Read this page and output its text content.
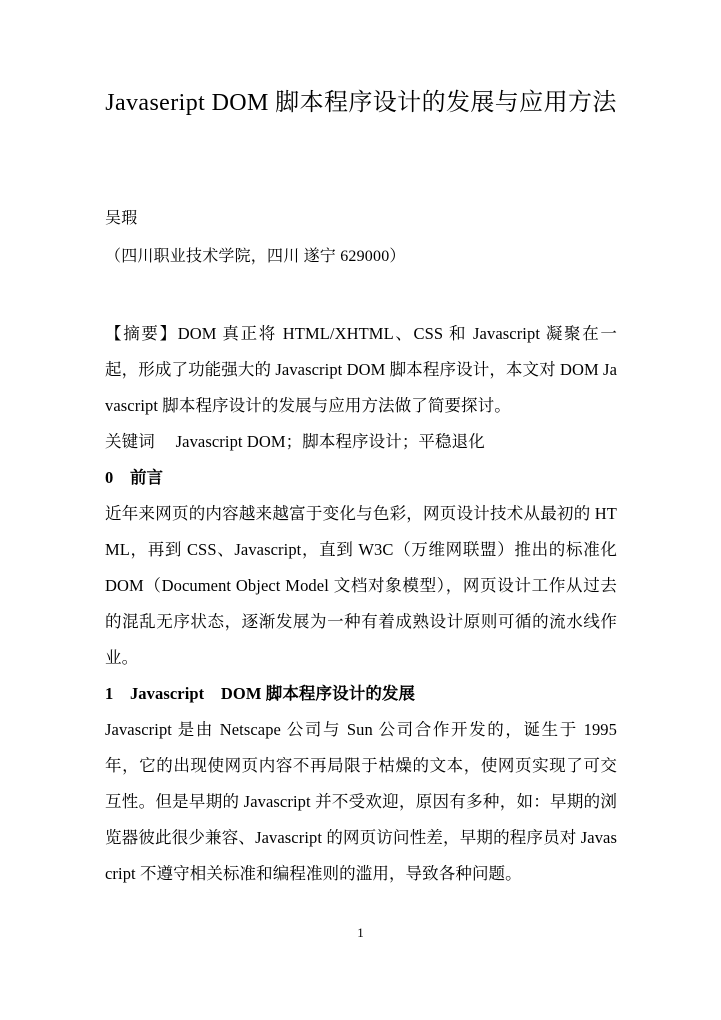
Javaseript DOM 脚本程序设计的发展与应用方法
吴瑕
（四川职业技术学院，四川 遂宁 629000）

【摘要】DOM 真正将 HTML/XHTML、CSS 和 Javascript 凝聚在一起，形成了功能强大的 Javascript DOM 脚本程序设计，本文对 DOM Javascript 脚本程序设计的发展与应用方法做了简要探讨。

关键词　 Javascript DOM；脚本程序设计；平稳退化

0　前言

近年来网页的内容越来越富于变化与色彩，网页设计技术从最初的 HTML，再到 CSS、Javascript，直到 W3C（万维网联盟）推出的标准化 DOM（Document Object Model 文档对象模型），网页设计工作从过去的混乱无序状态，逐渐发展为一种有着成熟设计原则可循的流水线作业。

1　Javascript　DOM 脚本程序设计的发展

Javascript 是由 Netscape 公司与 Sun 公司合作开发的，诞生于 1995 年，它的出现使网页内容不再局限于枯燥的文本，使网页实现了可交互性。但是早期的 Javascript 并不受欢迎，原因有多种，如：早期的浏览器彼此很少兼容、Javascript 的网页访问性差，早期的程序员对 Javascript 不遵守相关标准和编程准则的滥用，导致各种问题。

1
